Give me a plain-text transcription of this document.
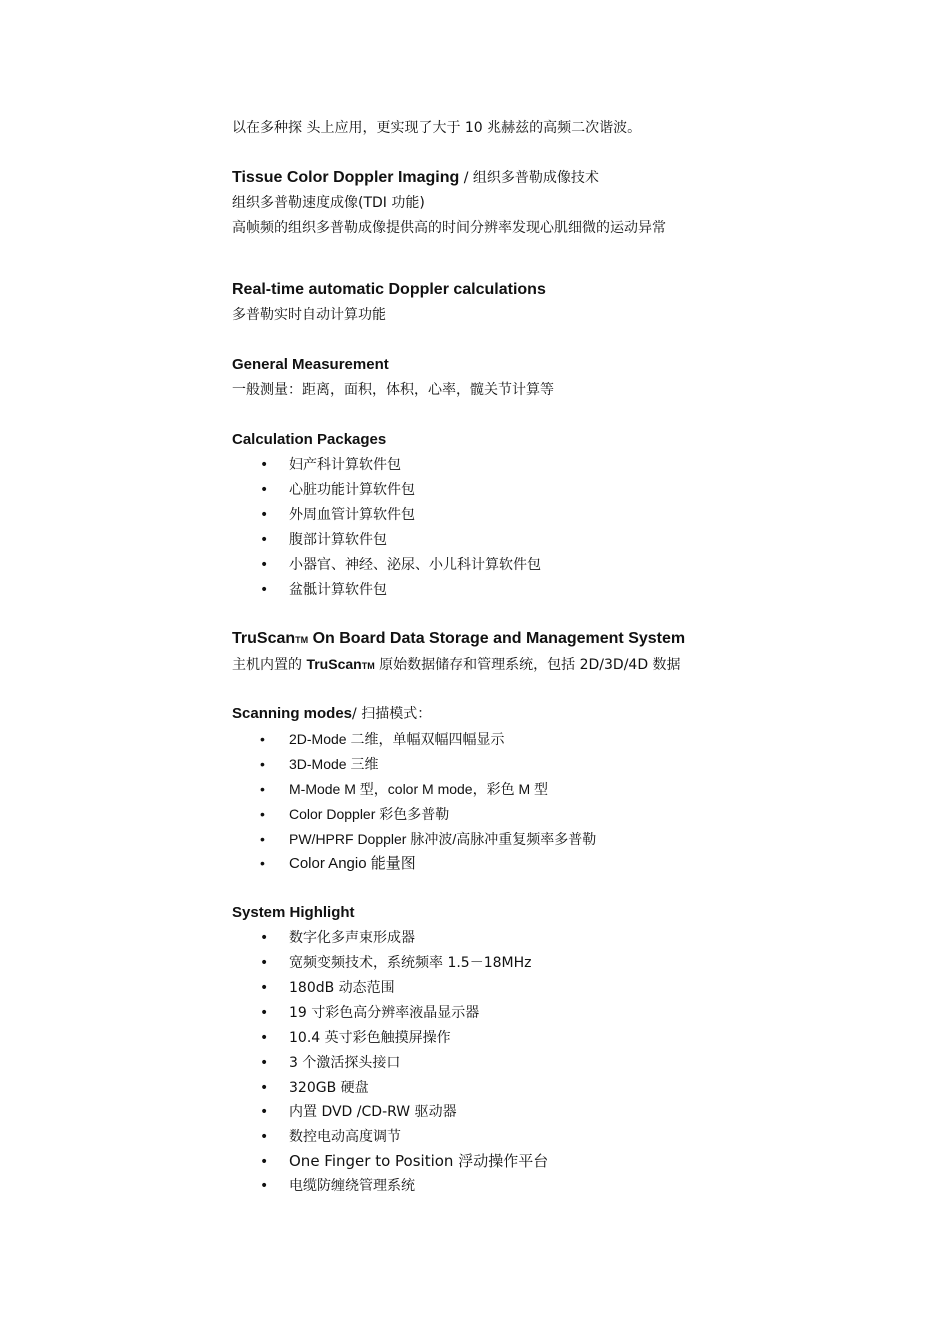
以在多种探 头上应用，更实现了大于 10 兆赫兹的高频二次谐波。
Tissue Color Doppler Imaging / 组织多普勒成像技术
组织多普勒速度成像(TDI 功能)
高帧频的组织多普勒成像提供高的时间分辨率发现心肌细微的运动异常
Real-time automatic Doppler calculations
多普勒实时自动计算功能
General Measurement
一般测量：距离，面积，体积，心率，髋关节计算等
Calculation Packages
• 妇产科计算软件包
• 心脏功能计算软件包
• 外周血管计算软件包
• 腹部计算软件包
• 小器官、神经、泌尿、小儿科计算软件包
• 盆骶计算软件包
TruScanTM On Board Data Storage and Management System
主机内置的 TruScanTM 原始数据储存和管理系统，包括 2D/3D/4D 数据
Scanning modes/ 扫描模式：
• 2D-Mode 二维，单幅双幅四幅显示
• 3D-Mode 三维
• M-Mode M 型，color M mode，彩色 M 型
• Color Doppler 彩色多普勒
• PW/HPRF Doppler 脉冲波/高脉冲重复频率多普勒
• Color Angio 能量图
System Highlight
• 数字化多声束形成器
• 宽频变频技术，系统频率 1.5－18MHz
• 180dB 动态范围
• 19 寸彩色高分辨率液晶显示器
• 10.4 英寸彩色触摸屏操作
• 3 个激活探头接口
• 320GB 硬盘
• 内置 DVD /CD-RW 驱动器
• 数控电动高度调节
• One Finger to Position 浮动操作平台
• 电缆防缠绕管理系统
